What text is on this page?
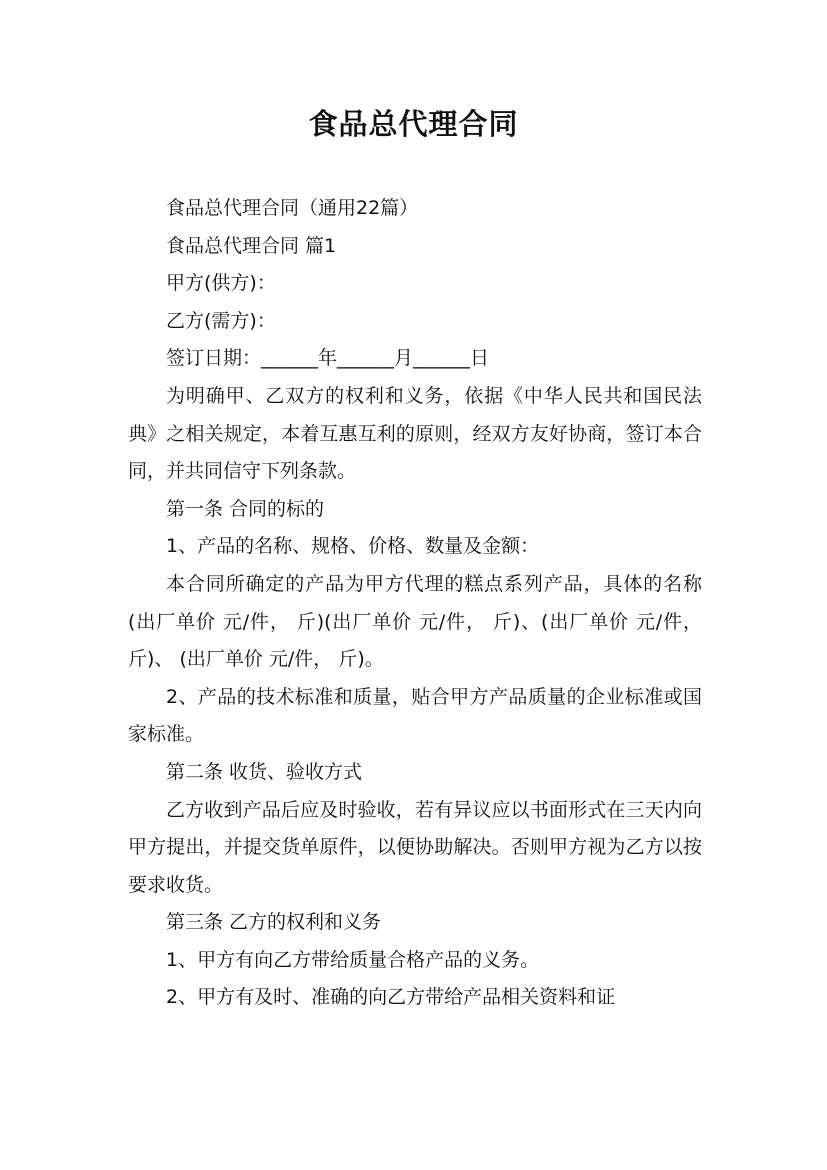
食品总代理合同

食品总代理合同（通用22篇）

食品总代理合同 篇1

甲方(供方)：

乙方(需方)：

签订日期：______年______月______日

为明确甲、乙双方的权利和义务，依据《中华人民共和国民法典》之相关规定，本着互惠互利的原则，经双方友好协商，签订本合同，并共同信守下列条款。

第一条 合同的标的

1、产品的名称、规格、价格、数量及金额：

本合同所确定的产品为甲方代理的糕点系列产品，具体的名称 (出厂单价 元/件， 斤)(出厂单价 元/件， 斤)、(出厂单价 元/件， 斤)、 (出厂单价 元/件， 斤)。

2、产品的技术标准和质量，贴合甲方产品质量的企业标准或国家标准。

第二条 收货、验收方式

乙方收到产品后应及时验收，若有异议应以书面形式在三天内向甲方提出，并提交货单原件，以便协助解决。否则甲方视为乙方以按要求收货。

第三条 乙方的权利和义务

1、甲方有向乙方带给质量合格产品的义务。

2、甲方有及时、准确的向乙方带给产品相关资料和证
